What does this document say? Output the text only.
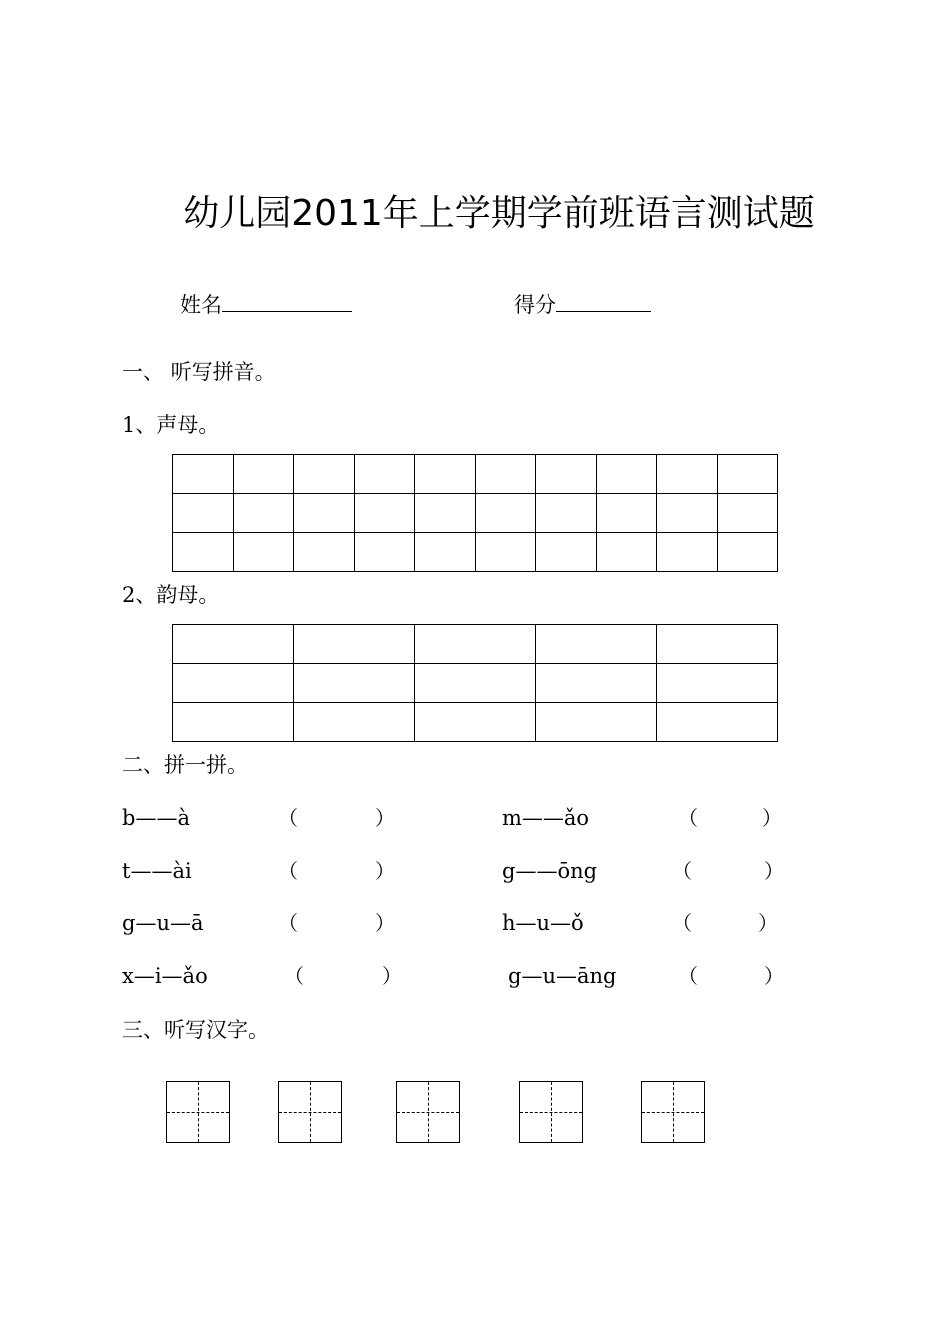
幼儿园2011年上学期学前班语言测试题
姓名	得分
一、 听写拼音。
1、声母。

2、韵母。

二、拼一拼。
b——à	（	）	m——ǎo	（	）
t——ài	（	）	g——ōng	（	）
g—u—ā	（	）	h—u—ǒ	（	）
x—i—ǎo	（	）	g—u—āng	（	）
三、听写汉字。
